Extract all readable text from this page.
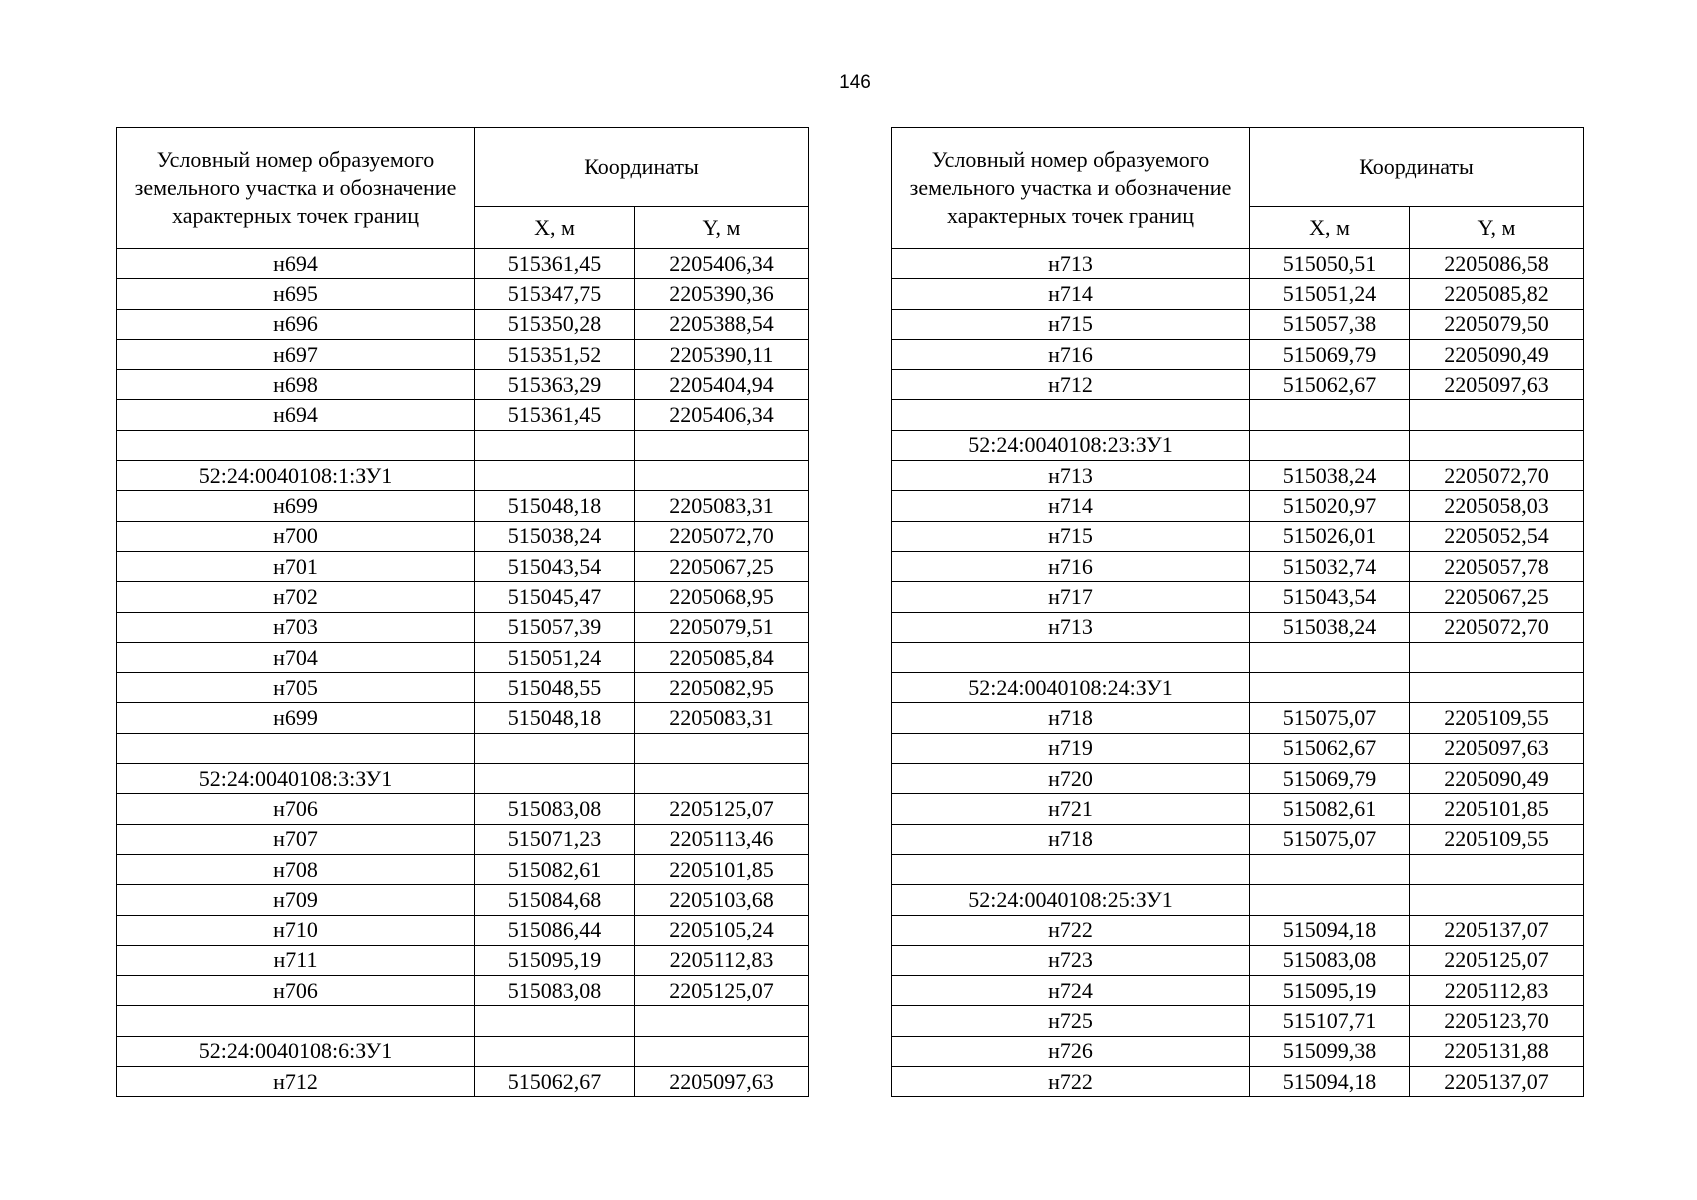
146
Условный номер образуемого земельного участка и обозначение характерных точек границ	Координаты	
	X, м	Y, м
н694	515361,45	2205406,34
н695	515347,75	2205390,36
н696	515350,28	2205388,54
н697	515351,52	2205390,11
н698	515363,29	2205404,94
н694	515361,45	2205406,34

52:24:0040108:1:ЗУ1		
н699	515048,18	2205083,31
н700	515038,24	2205072,70
н701	515043,54	2205067,25
н702	515045,47	2205068,95
н703	515057,39	2205079,51
н704	515051,24	2205085,84
н705	515048,55	2205082,95
н699	515048,18	2205083,31

52:24:0040108:3:ЗУ1		
н706	515083,08	2205125,07
н707	515071,23	2205113,46
н708	515082,61	2205101,85
н709	515084,68	2205103,68
н710	515086,44	2205105,24
н711	515095,19	2205112,83
н706	515083,08	2205125,07

52:24:0040108:6:ЗУ1		
н712	515062,67	2205097,63
Условный номер образуемого земельного участка и обозначение характерных точек границ	Координаты	
	X, м	Y, м
н713	515050,51	2205086,58
н714	515051,24	2205085,82
н715	515057,38	2205079,50
н716	515069,79	2205090,49
н712	515062,67	2205097,63

52:24:0040108:23:ЗУ1		
н713	515038,24	2205072,70
н714	515020,97	2205058,03
н715	515026,01	2205052,54
н716	515032,74	2205057,78
н717	515043,54	2205067,25
н713	515038,24	2205072,70

52:24:0040108:24:ЗУ1		
н718	515075,07	2205109,55
н719	515062,67	2205097,63
н720	515069,79	2205090,49
н721	515082,61	2205101,85
н718	515075,07	2205109,55

52:24:0040108:25:ЗУ1		
н722	515094,18	2205137,07
н723	515083,08	2205125,07
н724	515095,19	2205112,83
н725	515107,71	2205123,70
н726	515099,38	2205131,88
н722	515094,18	2205137,07
